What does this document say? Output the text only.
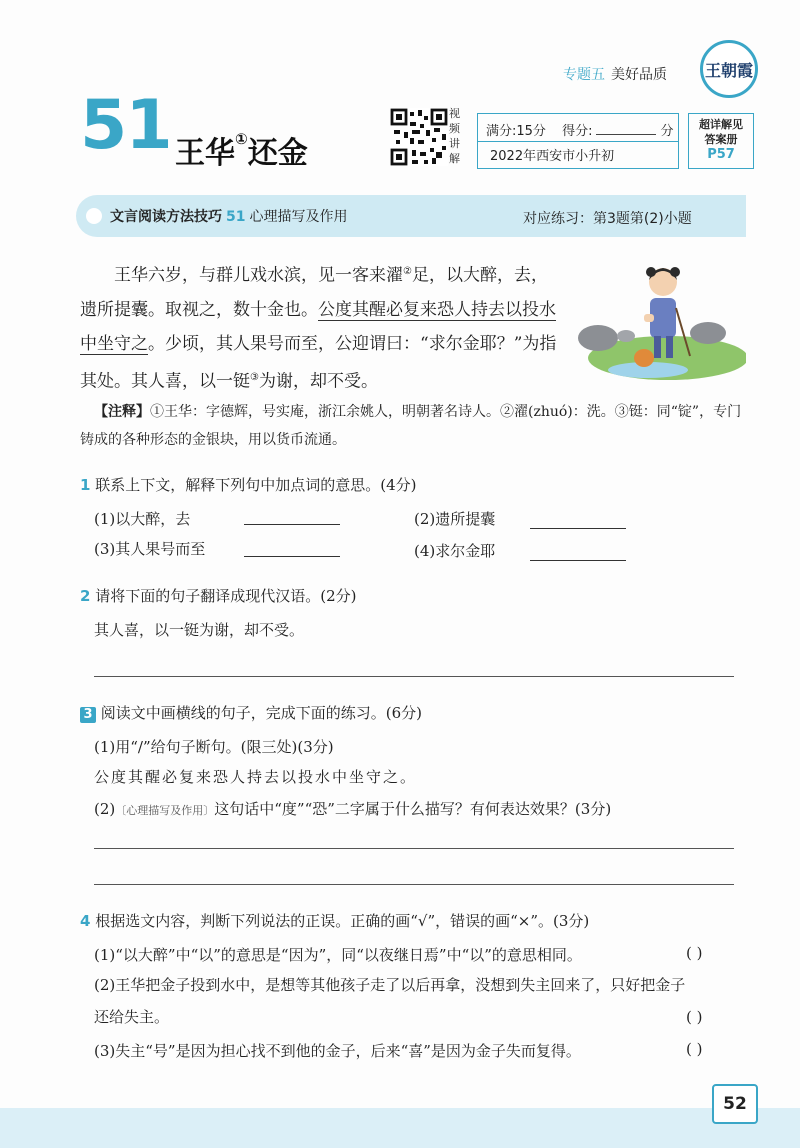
专题五 美好品质 王朝霞
51 王华①还金
视频讲解
满分:15分 得分:	分
2022年西安市小升初
超详解见
答案册
P57
文言阅读方法技巧 51 心理描写及作用	对应练习：第3题第(2)小题
王华六岁，与群儿戏水滨，见一客来濯②足，以大醉，去，遗所提囊。取视之，数十金也。公度其醒必复来恐人持去以投水中坐守之。少顷，其人果号而至，公迎谓曰：“求尔金耶？”为指其处。其人喜，以一铤③为谢，却不受。
【注释】①王华：字德辉，号实庵，浙江余姚人，明朝著名诗人。②濯(zhuó)：洗。③铤：同“锭”，专门铸成的各种形态的金银块，用以货币流通。
1 联系上下文，解释下列句中加点词的意思。(4分)
(1)以大醉，去	(2)遗所提囊
(3)其人果号而至	(4)求尔金耶
2 请将下面的句子翻译成现代汉语。(2分)
其人喜，以一铤为谢，却不受。
3 阅读文中画横线的句子，完成下面的练习。(6分)
(1)用“/”给句子断句。(限三处)(3分)
公度其醒必复来恐人持去以投水中坐守之。
(2)〔心理描写及作用〕这句话中“度”“恐”二字属于什么描写？有何表达效果？(3分)
4 根据选文内容，判断下列说法的正误。正确的画“√”，错误的画“×”。(3分)
(1)“以大醉”中“以”的意思是“因为”，同“以夜继日焉”中“以”的意思相同。	( )
(2)王华把金子投到水中，是想等其他孩子走了以后再拿，没想到失主回来了，只好把金子
还给失主。	( )
(3)失主“号”是因为担心找不到他的金子，后来“喜”是因为金子失而复得。	( )
52
